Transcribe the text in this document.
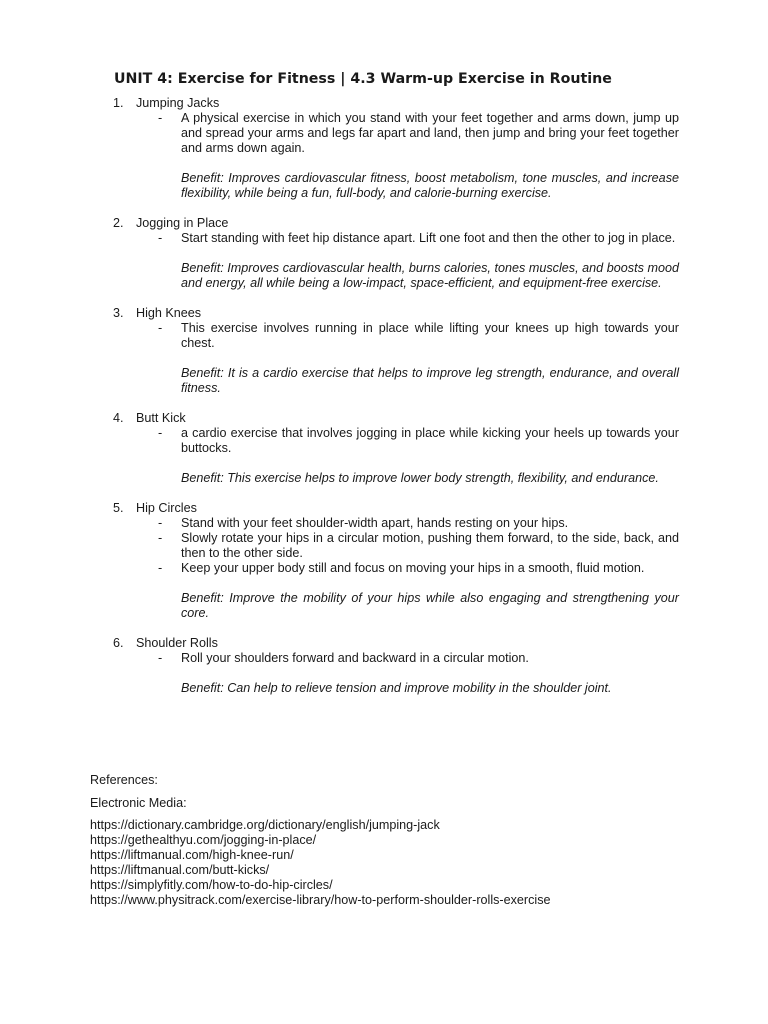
UNIT 4: Exercise for Fitness | 4.3 Warm-up Exercise in Routine
1. Jumping Jacks
- A physical exercise in which you stand with your feet together and arms down, jump up and spread your arms and legs far apart and land, then jump and bring your feet together and arms down again.
Benefit: Improves cardiovascular fitness, boost metabolism, tone muscles, and increase flexibility, while being a fun, full-body, and calorie-burning exercise.
2. Jogging in Place
- Start standing with feet hip distance apart. Lift one foot and then the other to jog in place.
Benefit: Improves cardiovascular health, burns calories, tones muscles, and boosts mood and energy, all while being a low-impact, space-efficient, and equipment-free exercise.
3. High Knees
- This exercise involves running in place while lifting your knees up high towards your chest.
Benefit: It is a cardio exercise that helps to improve leg strength, endurance, and overall fitness.
4. Butt Kick
- a cardio exercise that involves jogging in place while kicking your heels up towards your buttocks.
Benefit: This exercise helps to improve lower body strength, flexibility, and endurance.
5. Hip Circles
- Stand with your feet shoulder-width apart, hands resting on your hips.
- Slowly rotate your hips in a circular motion, pushing them forward, to the side, back, and then to the other side.
- Keep your upper body still and focus on moving your hips in a smooth, fluid motion.
Benefit: Improve the mobility of your hips while also engaging and strengthening your core.
6. Shoulder Rolls
- Roll your shoulders forward and backward in a circular motion.
Benefit: Can help to relieve tension and improve mobility in the shoulder joint.
References:
Electronic Media:
https://dictionary.cambridge.org/dictionary/english/jumping-jack
https://gethealthyu.com/jogging-in-place/
https://liftmanual.com/high-knee-run/
https://liftmanual.com/butt-kicks/
https://simplyfitly.com/how-to-do-hip-circles/
https://www.physitrack.com/exercise-library/how-to-perform-shoulder-rolls-exercise
